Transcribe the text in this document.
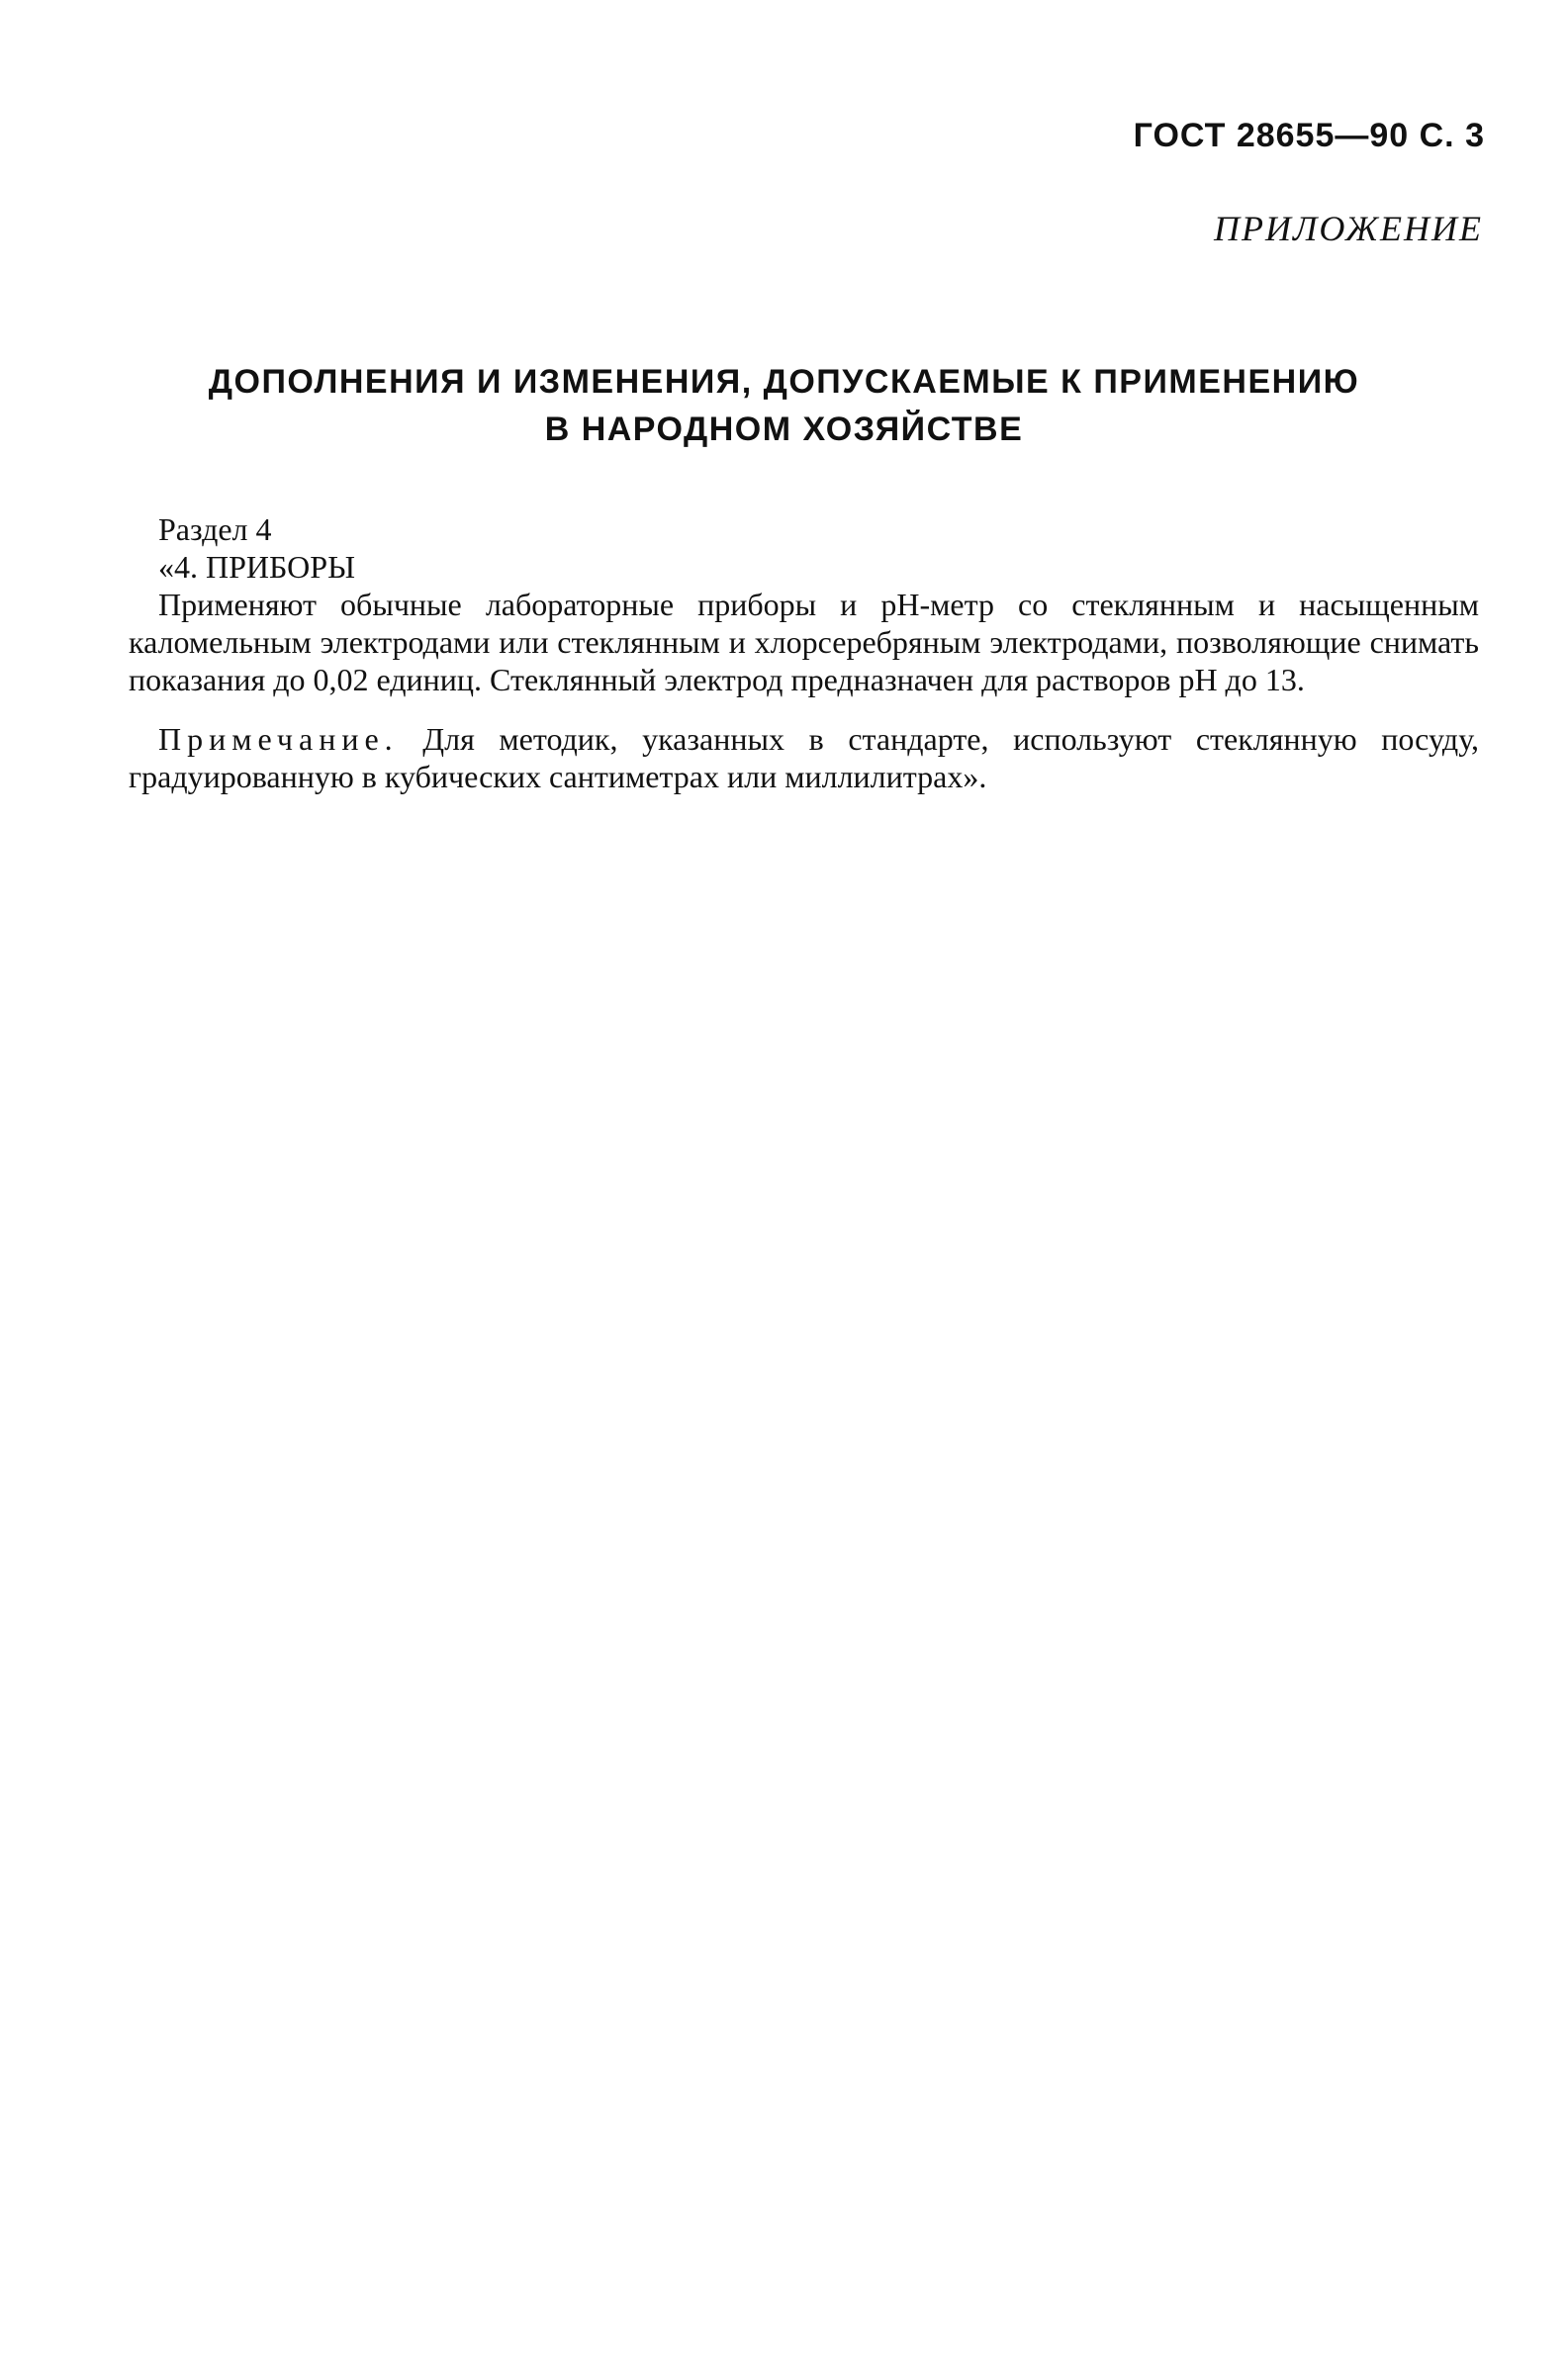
ГОСТ 28655—90 С. 3
ПРИЛОЖЕНИЕ
ДОПОЛНЕНИЯ И ИЗМЕНЕНИЯ, ДОПУСКАЕМЫЕ К ПРИМЕНЕНИЮ
В НАРОДНОМ ХОЗЯЙСТВЕ
Раздел 4
«4. ПРИБОРЫ

Применяют обычные лабораторные приборы и рН-метр со стеклянным и насыщенным каломельным электродами или стеклянным и хлорсеребряным электродами, позволяющие снимать показания до 0,02 единиц. Стеклянный электрод предназначен для растворов рН до 13.

Примечание. Для методик, указанных в стандарте, используют стеклянную посуду, градуированную в кубических сантиметрах или миллилитрах».
